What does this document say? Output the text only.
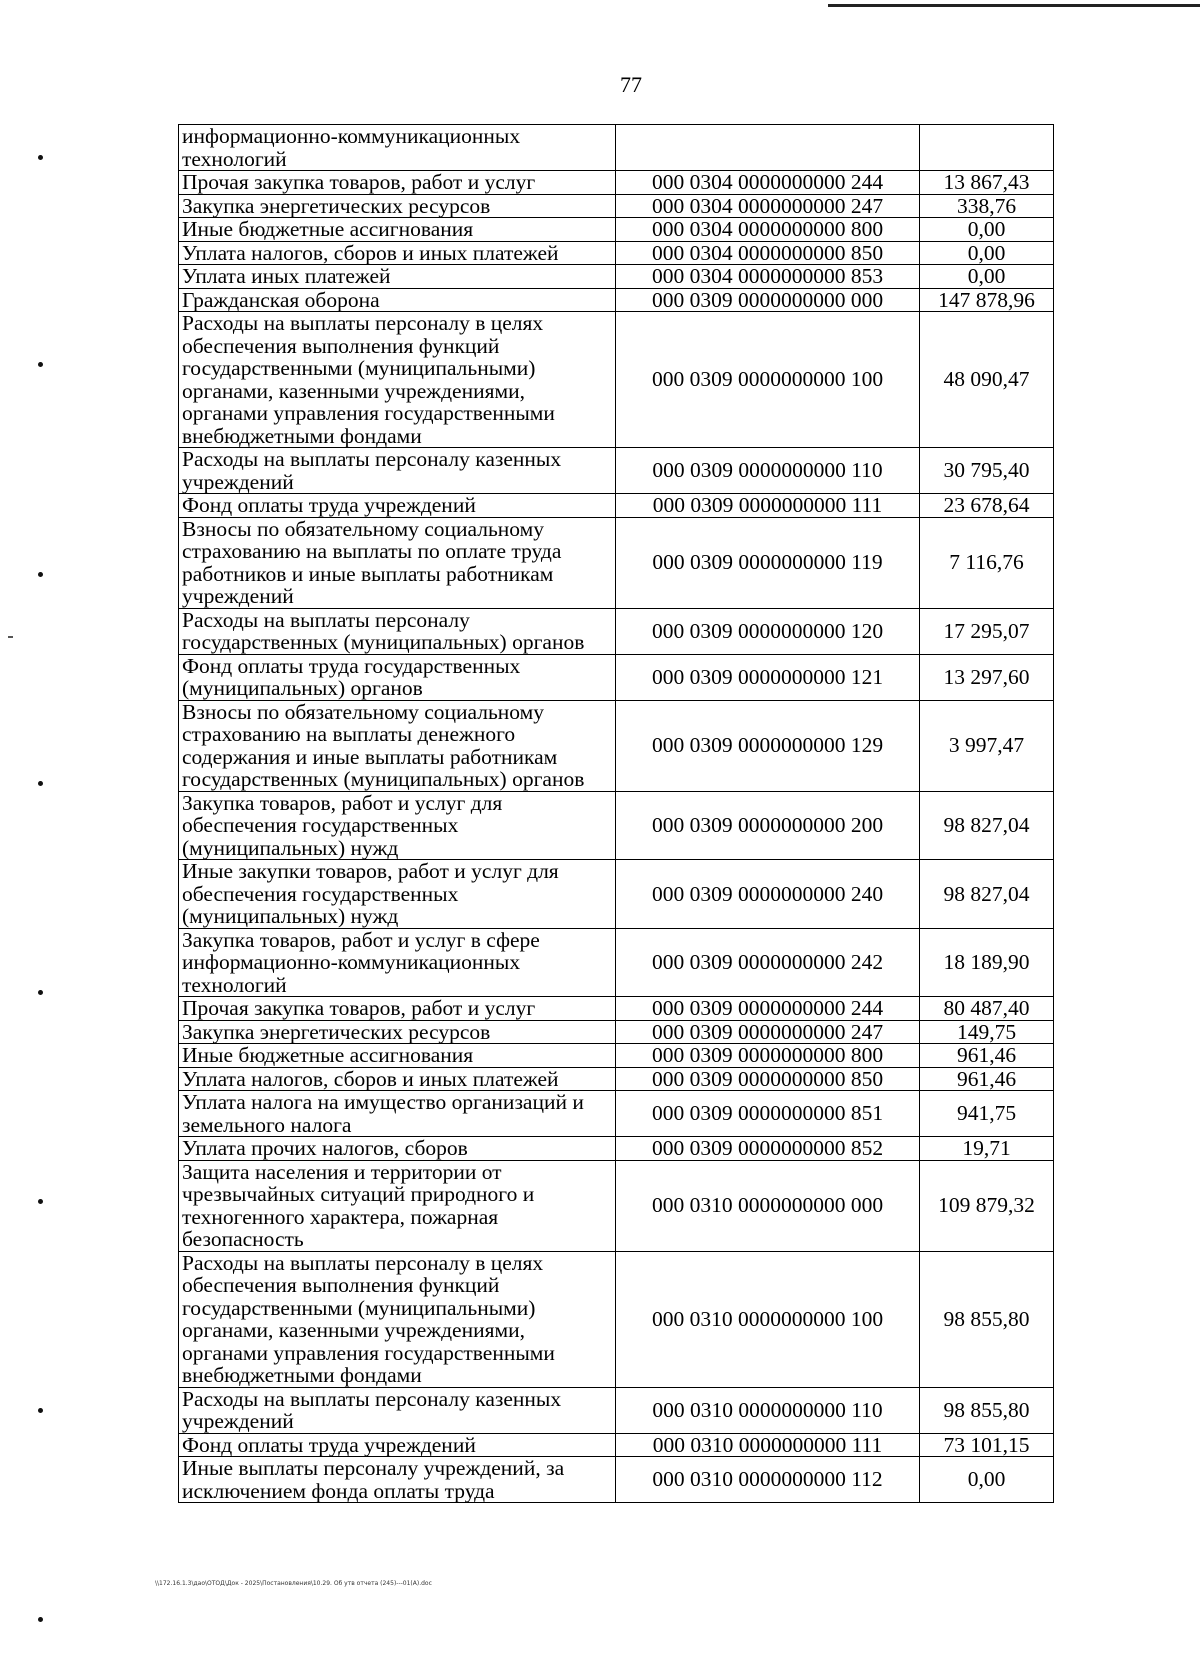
77
информационно-коммуникационных технологий		
Прочая закупка товаров, работ и услуг	000 0304 0000000000 244	13 867,43
Закупка энергетических ресурсов	000 0304 0000000000 247	338,76
Иные бюджетные ассигнования	000 0304 0000000000 800	0,00
Уплата налогов, сборов и иных платежей	000 0304 0000000000 850	0,00
Уплата иных платежей	000 0304 0000000000 853	0,00
Гражданская оборона	000 0309 0000000000 000	147 878,96
Расходы на выплаты персоналу в целях обеспечения выполнения функций государственными (муниципальными) органами, казенными учреждениями, органами управления государственными внебюджетными фондами	000 0309 0000000000 100	48 090,47
Расходы на выплаты персоналу казенных учреждений	000 0309 0000000000 110	30 795,40
Фонд оплаты труда учреждений	000 0309 0000000000 111	23 678,64
Взносы по обязательному социальному страхованию на выплаты по оплате труда работников и иные выплаты работникам учреждений	000 0309 0000000000 119	7 116,76
Расходы на выплаты персоналу государственных (муниципальных) органов	000 0309 0000000000 120	17 295,07
Фонд оплаты труда государственных (муниципальных) органов	000 0309 0000000000 121	13 297,60
Взносы по обязательному социальному страхованию на выплаты денежного содержания и иные выплаты работникам государственных (муниципальных) органов	000 0309 0000000000 129	3 997,47
Закупка товаров, работ и услуг для обеспечения государственных (муниципальных) нужд	000 0309 0000000000 200	98 827,04
Иные закупки товаров, работ и услуг для обеспечения государственных (муниципальных) нужд	000 0309 0000000000 240	98 827,04
Закупка товаров, работ и услуг в сфере информационно-коммуникационных технологий	000 0309 0000000000 242	18 189,90
Прочая закупка товаров, работ и услуг	000 0309 0000000000 244	80 487,40
Закупка энергетических ресурсов	000 0309 0000000000 247	149,75
Иные бюджетные ассигнования	000 0309 0000000000 800	961,46
Уплата налогов, сборов и иных платежей	000 0309 0000000000 850	961,46
Уплата налога на имущество организаций и земельного налога	000 0309 0000000000 851	941,75
Уплата прочих налогов, сборов	000 0309 0000000000 852	19,71
Защита населения и территории от чрезвычайных ситуаций природного и техногенного характера, пожарная безопасность	000 0310 0000000000 000	109 879,32
Расходы на выплаты персоналу в целях обеспечения выполнения функций государственными (муниципальными) органами, казенными учреждениями, органами управления государственными внебюджетными фондами	000 0310 0000000000 100	98 855,80
Расходы на выплаты персоналу казенных учреждений	000 0310 0000000000 110	98 855,80
Фонд оплаты труда учреждений	000 0310 0000000000 111	73 101,15
Иные выплаты персоналу учреждений, за исключением фонда оплаты труда	000 0310 0000000000 112	0,00
\\172.16.1.3\дао\ОТОД\Док - 2025\Постановления\10.29. Об утв отчета (245)---01(А).doc
